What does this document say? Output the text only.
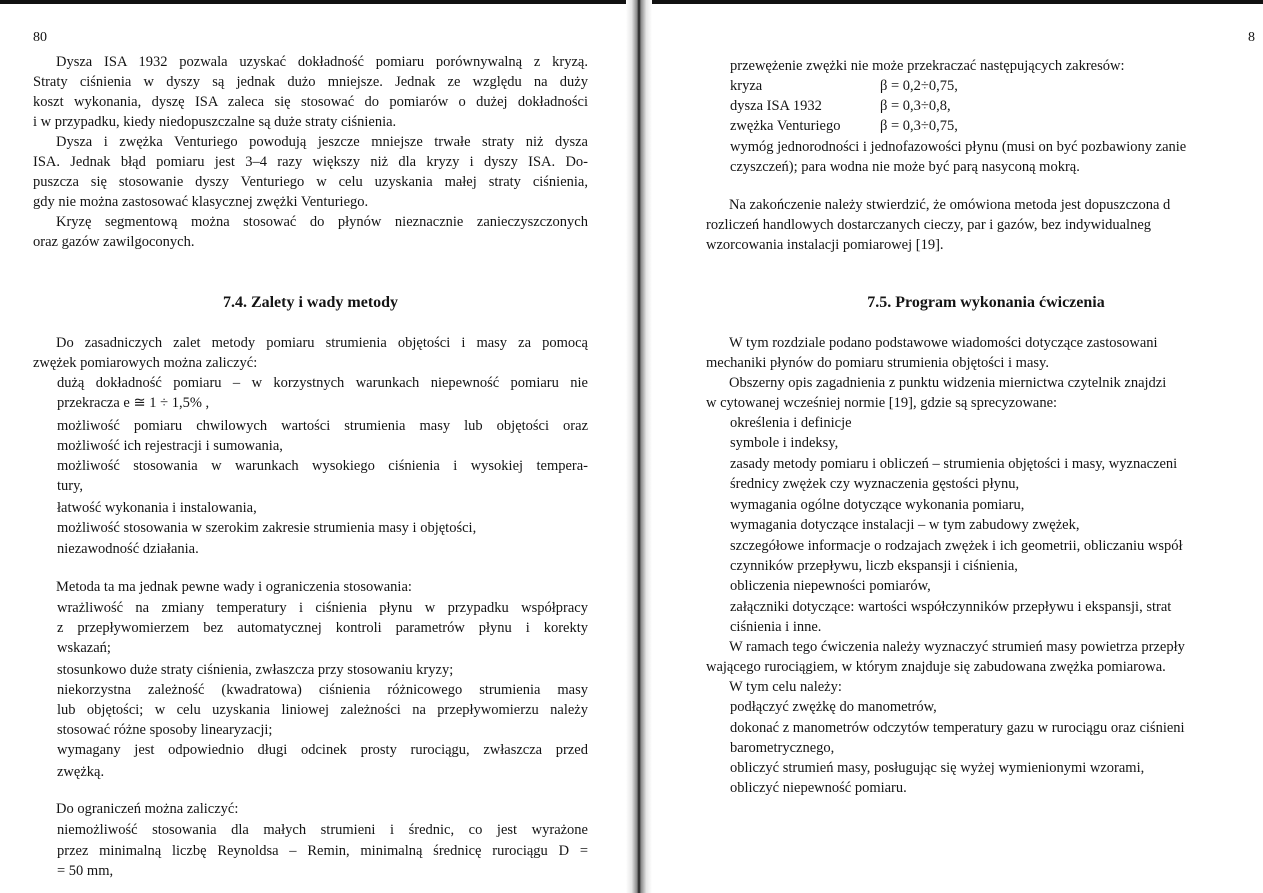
80
Dysza ISA 1932 pozwala uzyskać dokładność pomiaru porównywalną z kryzą.
Straty ciśnienia w dyszy są jednak dużo mniejsze. Jednak ze względu na duży
koszt wykonania, dyszę ISA zaleca się stosować do pomiarów o dużej dokładności
i w przypadku, kiedy niedopuszczalne są duże straty ciśnienia.
Dysza i zwężka Venturiego powodują jeszcze mniejsze trwałe straty niż dysza
ISA. Jednak błąd pomiaru jest 3–4 razy większy niż dla kryzy i dyszy ISA. Do-
puszcza się stosowanie dyszy Venturiego w celu uzyskania małej straty ciśnienia,
gdy nie można zastosować klasycznej zwężki Venturiego.
Kryzę segmentową można stosować do płynów nieznacznie zanieczyszczonych
oraz gazów zawilgoconych.
7.4. Zalety i wady metody
Do zasadniczych zalet metody pomiaru strumienia objętości i masy za pomocą
zwężek pomiarowych można zaliczyć:
– dużą dokładność pomiaru – w korzystnych warunkach niepewność pomiaru nie
przekracza e ≅ 1 ÷ 1,5% ,
– możliwość pomiaru chwilowych wartości strumienia masy lub objętości oraz
możliwość ich rejestracji i sumowania,
– możliwość stosowania w warunkach wysokiego ciśnienia i wysokiej tempera-
tury,
– łatwość wykonania i instalowania,
– możliwość stosowania w szerokim zakresie strumienia masy i objętości,
– niezawodność działania.
Metoda ta ma jednak pewne wady i ograniczenia stosowania:
– wrażliwość na zmiany temperatury i ciśnienia płynu w przypadku współpracy
z przepływomierzem bez automatycznej kontroli parametrów płynu i korekty
wskazań;
– stosunkowo duże straty ciśnienia, zwłaszcza przy stosowaniu kryzy;
– niekorzystna zależność (kwadratowa) ciśnienia różnicowego strumienia masy
lub objętości; w celu uzyskania liniowej zależności na przepływomierzu należy
stosować różne sposoby linearyzacji;
– wymagany jest odpowiednio długi odcinek prosty rurociągu, zwłaszcza przed
zwężką.
Do ograniczeń można zaliczyć:
– niemożliwość stosowania dla małych strumieni i średnic, co jest wyrażone
przez minimalną liczbę Reynoldsa – Remin, minimalną średnicę rurociągu D =
= 50 mm,
8
– przewężenie zwężki nie może przekraczać następujących zakresów:
kryza	β = 0,2÷0,75,
dysza ISA 1932	β = 0,3÷0,8,
zwężka Venturiego	β = 0,3÷0,75,
– wymóg jednorodności i jednofazowości płynu (musi on być pozbawiony zanie
czyszczeń); para wodna nie może być parą nasyconą mokrą.
Na zakończenie należy stwierdzić, że omówiona metoda jest dopuszczona d
rozliczeń handlowych dostarczanych cieczy, par i gazów, bez indywidualneg
wzorcowania instalacji pomiarowej [19].
7.5. Program wykonania ćwiczenia
W tym rozdziale podano podstawowe wiadomości dotyczące zastosowani
mechaniki płynów do pomiaru strumienia objętości i masy.
Obszerny opis zagadnienia z punktu widzenia miernictwa czytelnik znajdzi
w cytowanej wcześniej normie [19], gdzie są sprecyzowane:
– określenia i definicje
– symbole i indeksy,
– zasady metody pomiaru i obliczeń – strumienia objętości i masy, wyznaczeni
średnicy zwężek czy wyznaczenia gęstości płynu,
– wymagania ogólne dotyczące wykonania pomiaru,
– wymagania dotyczące instalacji – w tym zabudowy zwężek,
– szczegółowe informacje o rodzajach zwężek i ich geometrii, obliczaniu współ
czynników przepływu, liczb ekspansji i ciśnienia,
– obliczenia niepewności pomiarów,
– załączniki dotyczące: wartości współczynników przepływu i ekspansji, strat
ciśnienia i inne.
W ramach tego ćwiczenia należy wyznaczyć strumień masy powietrza przepły
wającego rurociągiem, w którym znajduje się zabudowana zwężka pomiarowa.
W tym celu należy:
– podłączyć zwężkę do manometrów,
– dokonać z manometrów odczytów temperatury gazu w rurociągu oraz ciśnieni
barometrycznego,
– obliczyć strumień masy, posługując się wyżej wymienionymi wzorami,
– obliczyć niepewność pomiaru.
